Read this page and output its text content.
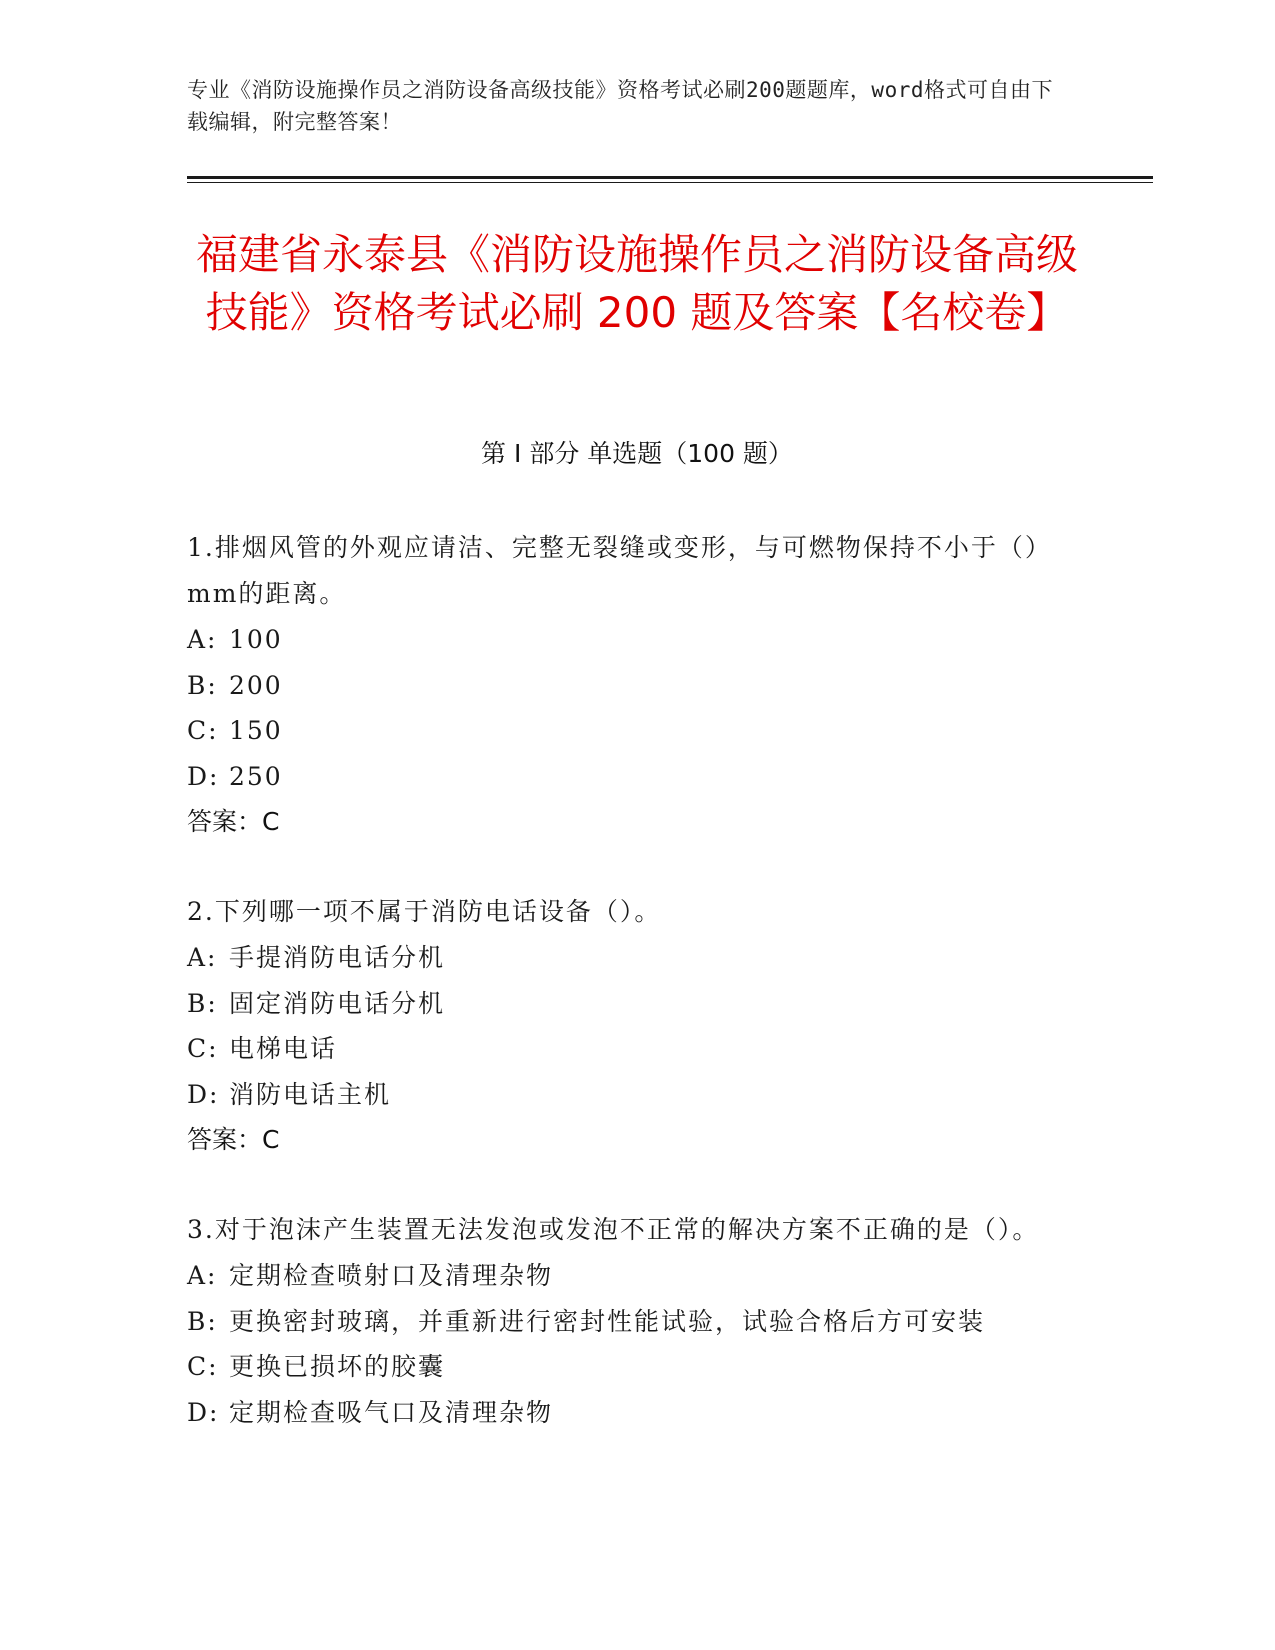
专业《消防设施操作员之消防设备高级技能》资格考试必刷200题题库，word格式可自由下载编辑，附完整答案！
福建省永泰县《消防设施操作员之消防设备高级技能》资格考试必刷 200 题及答案【名校卷】
第 I 部分 单选题（100 题）

1.排烟风管的外观应请洁、完整无裂缝或变形，与可燃物保持不小于（）mm的距离。

A: 100

B: 200

C: 150

D: 250

答案：C

2.下列哪一项不属于消防电话设备（）。

A: 手提消防电话分机

B: 固定消防电话分机

C: 电梯电话

D: 消防电话主机

答案：C

3.对于泡沫产生装置无法发泡或发泡不正常的解决方案不正确的是（）。

A: 定期检查喷射口及清理杂物

B: 更换密封玻璃，并重新进行密封性能试验，试验合格后方可安装

C: 更换已损坏的胶囊

D: 定期检查吸气口及清理杂物
